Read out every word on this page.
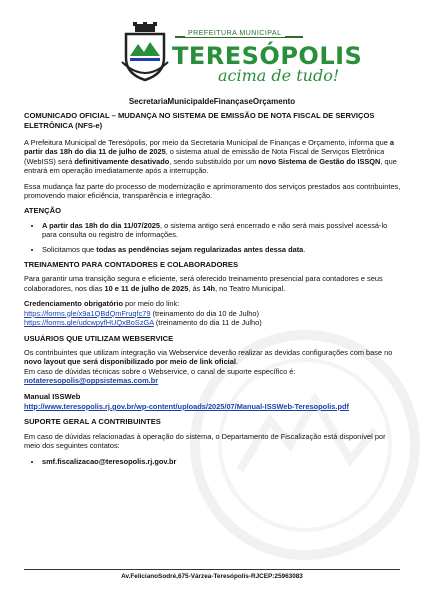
PREFEITURA MUNICIPAL
TERESÓPOLIS
acima de tudo!
SecretariaMunicipaldeFinançaseOrçamento
COMUNICADO OFICIAL – MUDANÇA NO SISTEMA DE EMISSÃO DE NOTA FISCAL DE SERVIÇOS ELETRÔNICA (NFS-e)

A Prefeitura Municipal de Teresópolis, por meio da Secretaria Municipal de Finanças e Orçamento, informa que a partir das 18h do dia 11 de julho de 2025, o sistema atual de emissão de Nota Fiscal de Serviços Eletrônica (WebISS) será definitivamente desativado, sendo substituído por um novo Sistema de Gestão do ISSQN, que entrará em operação imediatamente após a interrupção.

Essa mudança faz parte do processo de modernização e aprimoramento dos serviços prestados aos contribuintes, promovendo maior eficiência, transparência e integração.

ATENÇÃO
• A partir das 18h do dia 11/07/2025, o sistema antigo será encerrado e não será mais possível acessá-lo para consulta ou registro de informações.
• Solicitamos que todas as pendências sejam regularizadas antes dessa data.
TREINAMENTO PARA CONTADORES E COLABORADORES

Para garantir uma transição segura e eficiente, será oferecido treinamento presencial para contadores e seus colaboradores, nos dias 10 e 11 de julho de 2025, às 14h, no Teatro Municipal.

Credenciamento obrigatório por meio do link:
https://forms.gle/x9a1QBdQmFruqfc79 (treinamento do dia 10 de Julho)
https://forms.gle/udcwpyfHUQxBoSzGA (treinamento do dia 11 de Julho)

USUÁRIOS QUE UTILIZAM WEBSERVICE

Os contribuintes que utilizam integração via Webservice deverão realizar as devidas configurações com base no novo layout que será disponibilizado por meio de link oficial.
Em caso de dúvidas técnicas sobre o Webservice, o canal de suporte específico é:
notateresopolis@oppsistemas.com.br

Manual ISSWeb

http://www.teresopolis.rj.gov.br/wp-content/uploads/2025/07/Manual-ISSWeb-Teresopolis.pdf

SUPORTE GERAL A CONTRIBUINTES

Em caso de dúvidas relacionadas à operação do sistema, o Departamento de Fiscalização está disponível por meio dos seguintes contatos:

• smf.fiscalizacao@teresopolis.rj.gov.br
Av.FelicianoSodré,675-Várzea-Teresópolis-RJCEP:25963083
